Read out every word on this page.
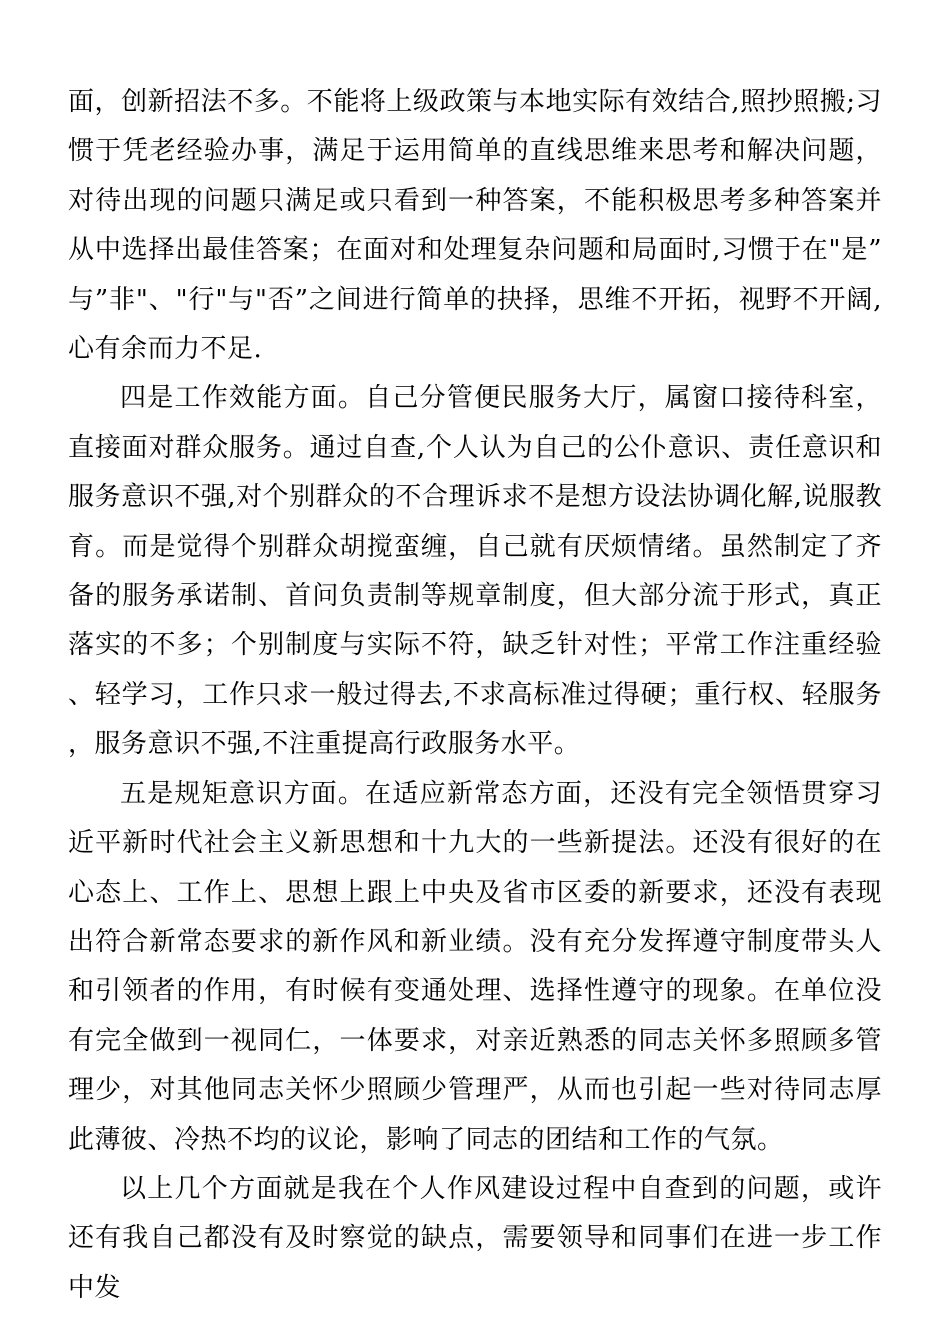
面，创新招法不多。不能将上级政策与本地实际有效结合,照抄照搬;习惯于凭老经验办事，满足于运用简单的直线思维来思考和解决问题，对待出现的问题只满足或只看到一种答案，不能积极思考多种答案并从中选择出最佳答案；在面对和处理复杂问题和局面时,习惯于在"是”与”非"、"行"与"否”之间进行简单的抉择，思维不开拓，视野不开阔,心有余而力不足.

四是工作效能方面。自己分管便民服务大厅，属窗口接待科室，直接面对群众服务。通过自查,个人认为自己的公仆意识、责任意识和服务意识不强,对个别群众的不合理诉求不是想方设法协调化解,说服教育。而是觉得个别群众胡搅蛮缠，自己就有厌烦情绪。虽然制定了齐备的服务承诺制、首问负责制等规章制度，但大部分流于形式，真正落实的不多；个别制度与实际不符，缺乏针对性；平常工作注重经验、轻学习，工作只求一般过得去,不求高标准过得硬；重行权、轻服务，服务意识不强,不注重提高行政服务水平。

五是规矩意识方面。在适应新常态方面，还没有完全领悟贯穿习近平新时代社会主义新思想和十九大的一些新提法。还没有很好的在心态上、工作上、思想上跟上中央及省市区委的新要求，还没有表现出符合新常态要求的新作风和新业绩。没有充分发挥遵守制度带头人和引领者的作用，有时候有变通处理、选择性遵守的现象。在单位没有完全做到一视同仁，一体要求，对亲近熟悉的同志关怀多照顾多管理少，对其他同志关怀少照顾少管理严，从而也引起一些对待同志厚此薄彼、冷热不均的议论，影响了同志的团结和工作的气氛。

以上几个方面就是我在个人作风建设过程中自查到的问题，或许还有我自己都没有及时察觉的缺点，需要领导和同事们在进一步工作中发
